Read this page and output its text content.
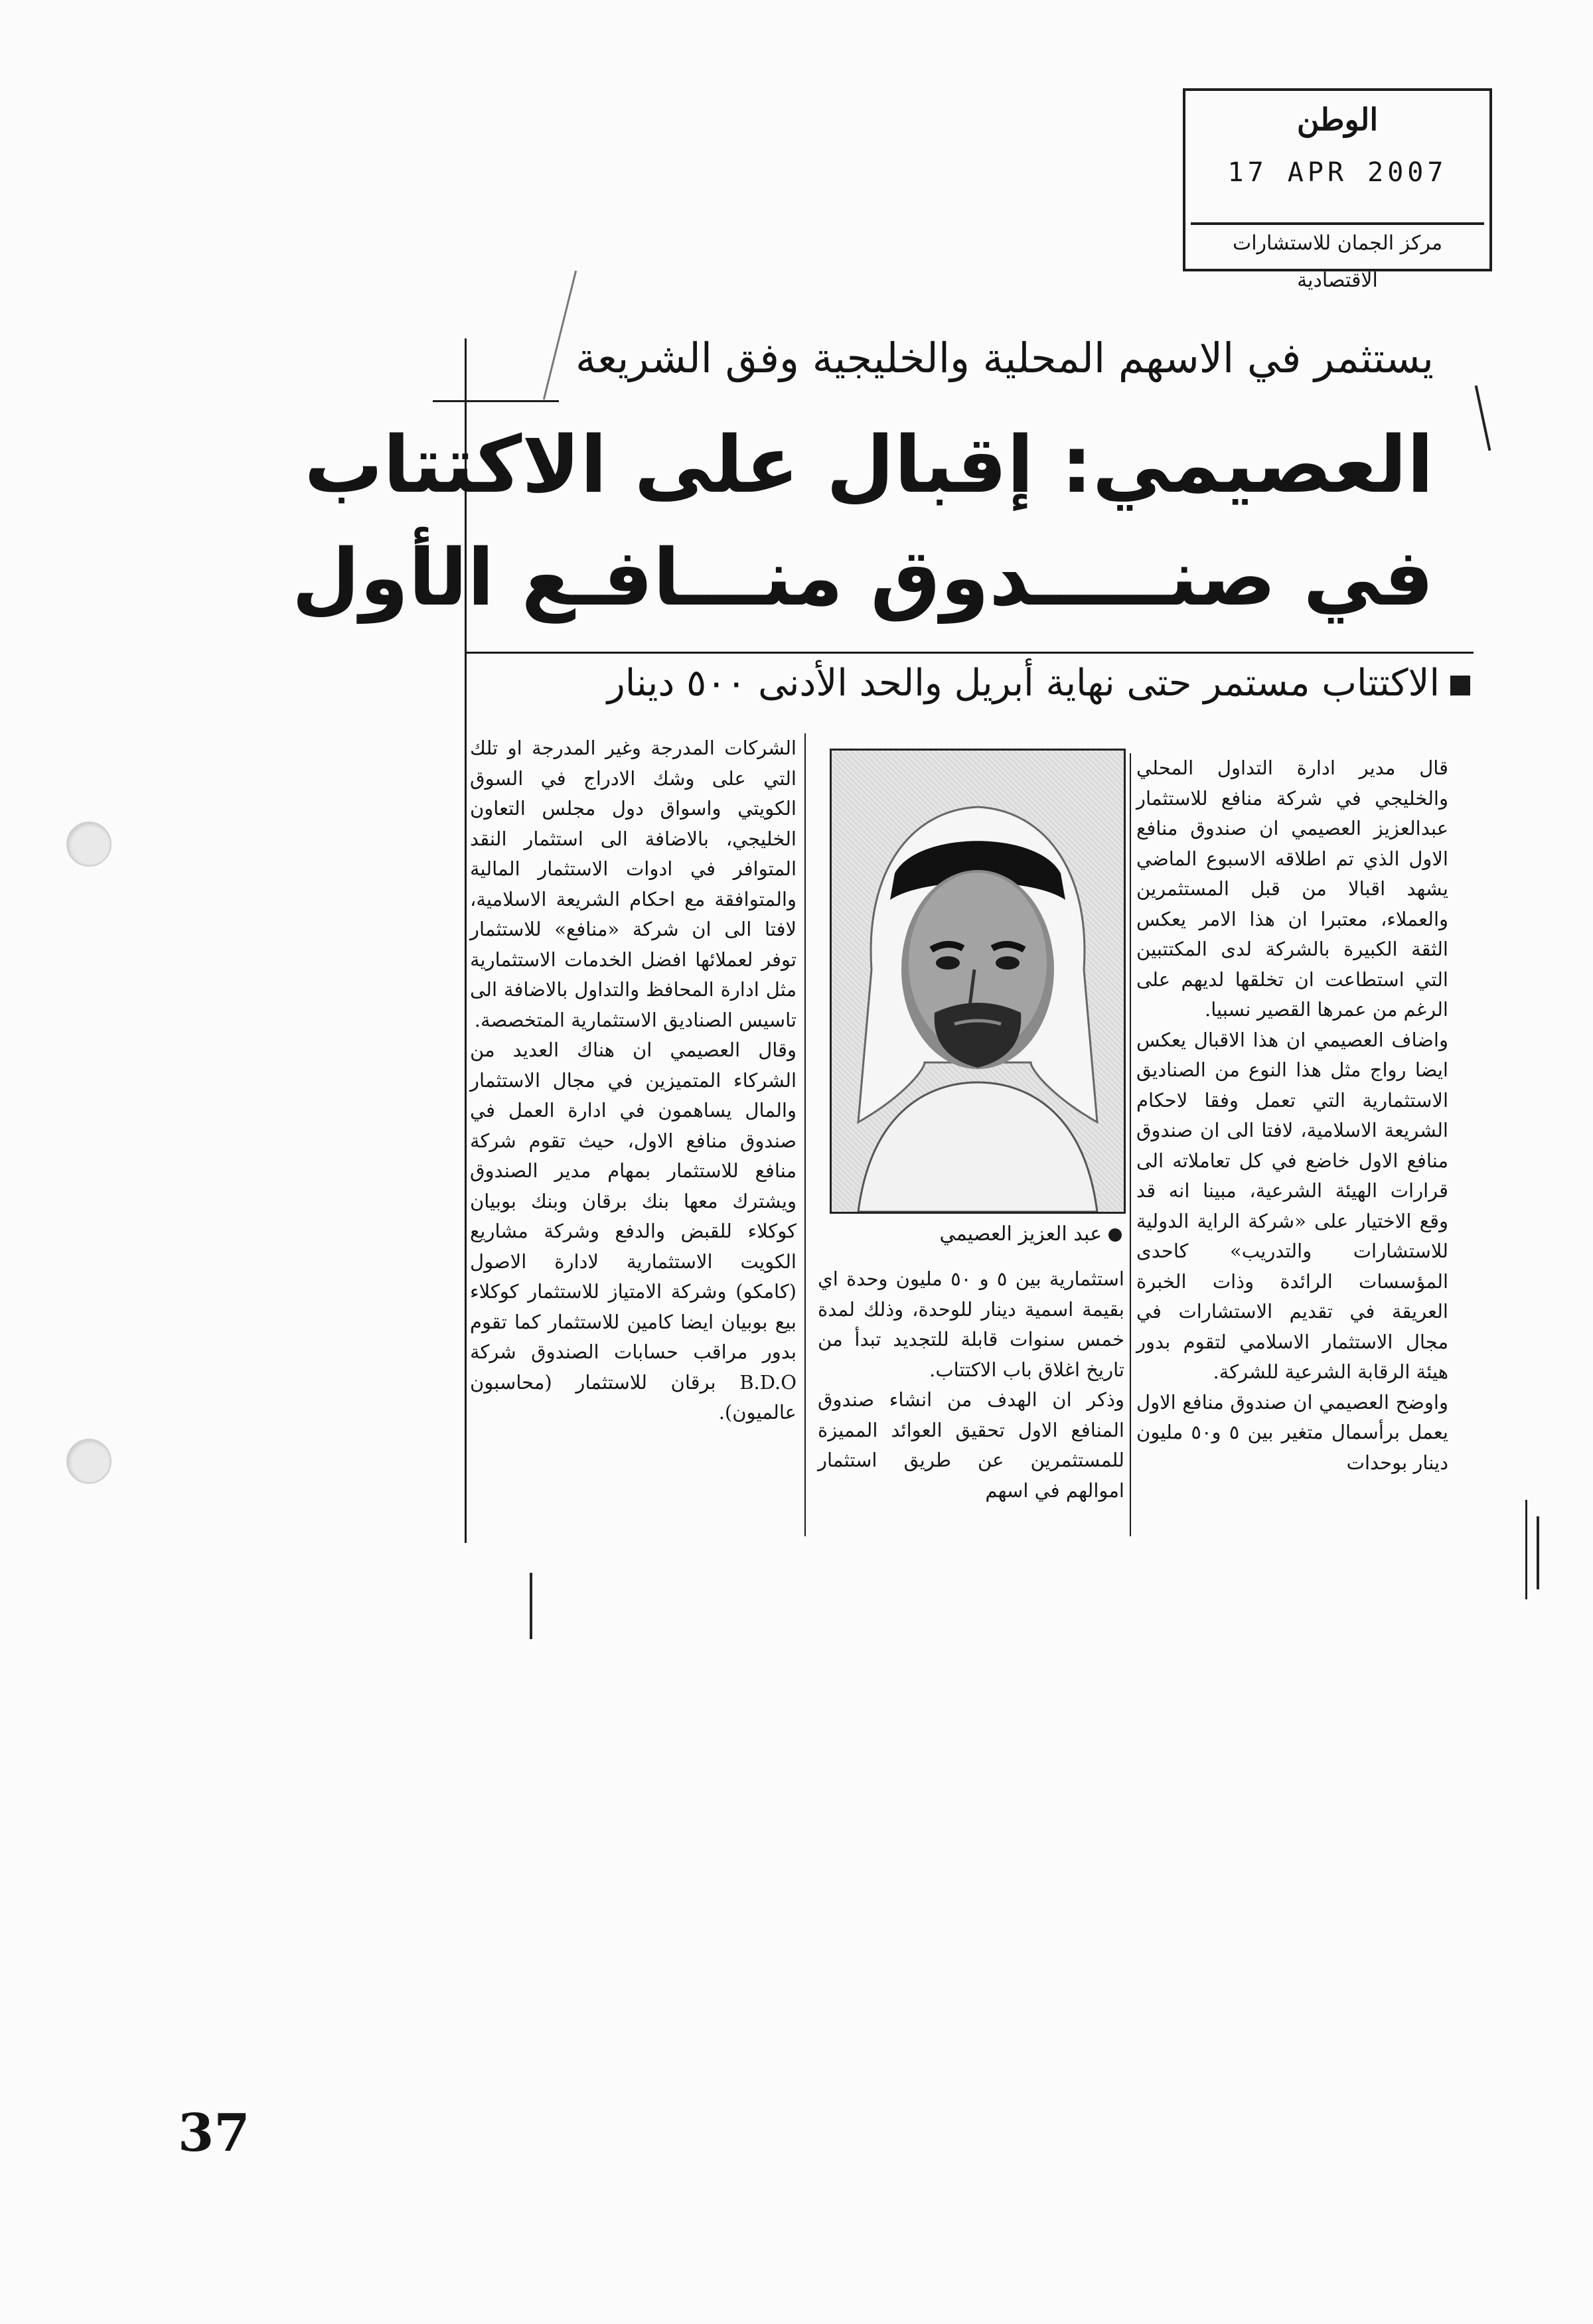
الوطن
17 APR 2007
مركز الجمان للاستشارات الاقتصادية
يستثمر في الاسهم المحلية والخليجية وفق الشريعة
العصيمي: إقبال على الاكتتاب
في صنـــــدوق منـــافـع الأول
الاكتتاب مستمر حتى نهاية أبريل والحد الأدنى ٥٠٠ دينار
عبد العزيز العصيمي

قال مدير ادارة التداول المحلي والخليجي في شركة منافع للاستثمار عبدالعزيز العصيمي ان صندوق منافع الاول الذي تم اطلاقه الاسبوع الماضي يشهد اقبالا من قبل المستثمرين والعملاء، معتبرا ان هذا الامر يعكس الثقة الكبيرة بالشركة لدى المكتتبين التي استطاعت ان تخلقها لديهم على الرغم من عمرها القصير نسبيا.

واضاف العصيمي ان هذا الاقبال يعكس ايضا رواج مثل هذا النوع من الصناديق الاستثمارية التي تعمل وفقا لاحكام الشريعة الاسلامية، لافتا الى ان صندوق منافع الاول خاضع في كل تعاملاته الى قرارات الهيئة الشرعية، مبينا انه قد وقع الاختيار على «شركة الراية الدولية للاستشارات والتدريب» كاحدى المؤسسات الرائدة وذات الخبرة العريقة في تقديم الاستشارات في مجال الاستثمار الاسلامي لتقوم بدور هيئة الرقابة الشرعية للشركة.

واوضح العصيمي ان صندوق منافع الاول يعمل برأسمال متغير بين ٥ و٥٠ مليون دينار بوحدات

استثمارية بين ٥ و ٥٠ مليون وحدة اي بقيمة اسمية دينار للوحدة، وذلك لمدة خمس سنوات قابلة للتجديد تبدأ من تاريخ اغلاق باب الاكتتاب.

وذكر ان الهدف من انشاء صندوق المنافع الاول تحقيق العوائد المميزة للمستثمرين عن طريق استثمار اموالهم في اسهم

الشركات المدرجة وغير المدرجة او تلك التي على وشك الادراج في السوق الكويتي واسواق دول مجلس التعاون الخليجي، بالاضافة الى استثمار النقد المتوافر في ادوات الاستثمار المالية والمتوافقة مع احكام الشريعة الاسلامية، لافتا الى ان شركة «منافع» للاستثمار توفر لعملائها افضل الخدمات الاستثمارية مثل ادارة المحافظ والتداول بالاضافة الى تاسيس الصناديق الاستثمارية المتخصصة.

وقال العصيمي ان هناك العديد من الشركاء المتميزين في مجال الاستثمار والمال يساهمون في ادارة العمل في صندوق منافع الاول، حيث تقوم شركة منافع للاستثمار بمهام مدير الصندوق ويشترك معها بنك برقان وبنك بوبيان كوكلاء للقبض والدفع وشركة مشاريع الكويت الاستثمارية لادارة الاصول (كامكو) وشركة الامتياز للاستثمار كوكلاء بيع بوبيان ايضا كامين للاستثمار كما تقوم بدور مراقب حسابات الصندوق شركة B.D.O برقان للاستثمار (محاسبون عالميون).

37
